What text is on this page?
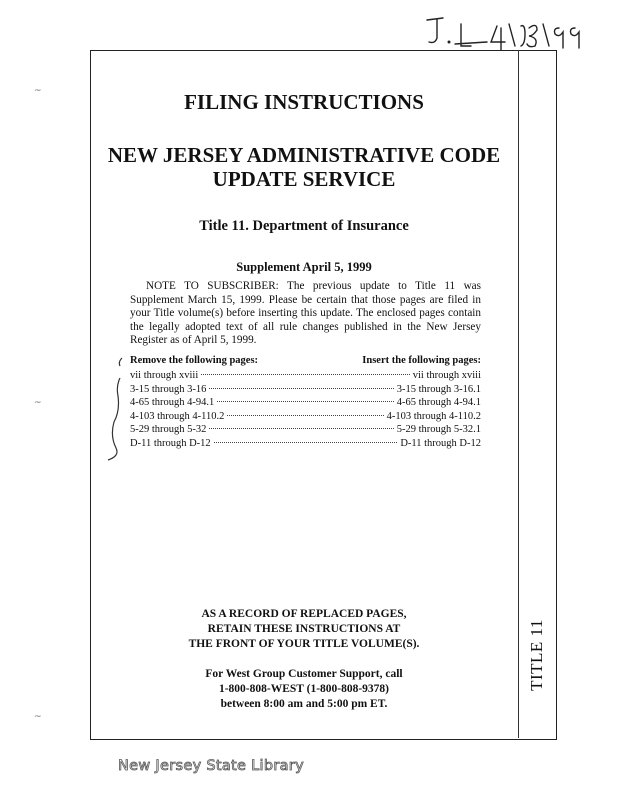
TITLE 11
FILING INSTRUCTIONS
NEW JERSEY ADMINISTRATIVE CODE
UPDATE SERVICE
Title 11. Department of Insurance
Supplement April 5, 1999
NOTE TO SUBSCRIBER: The previous update to Title 11 was Supplement March 15, 1999. Please be certain that those pages are filed in your Title volume(s) before inserting this update. The enclosed pages contain the legally adopted text of all rule changes published in the New Jersey Register as of April 5, 1999.
Remove the following pages:	Insert the following pages:
vii through xviii	vii through xviii
3-15 through 3-16	3-15 through 3-16.1
4-65 through 4-94.1	4-65 through 4-94.1
4-103 through 4-110.2	4-103 through 4-110.2
5-29 through 5-32	5-29 through 5-32.1
D-11 through D-12	D-11 through D-12
AS A RECORD OF REPLACED PAGES,
RETAIN THESE INSTRUCTIONS AT
THE FRONT OF YOUR TITLE VOLUME(S).
For West Group Customer Support, call
1-800-808-WEST (1-800-808-9378)
between 8:00 am and 5:00 pm ET.
~
~
~
New Jersey State Library
